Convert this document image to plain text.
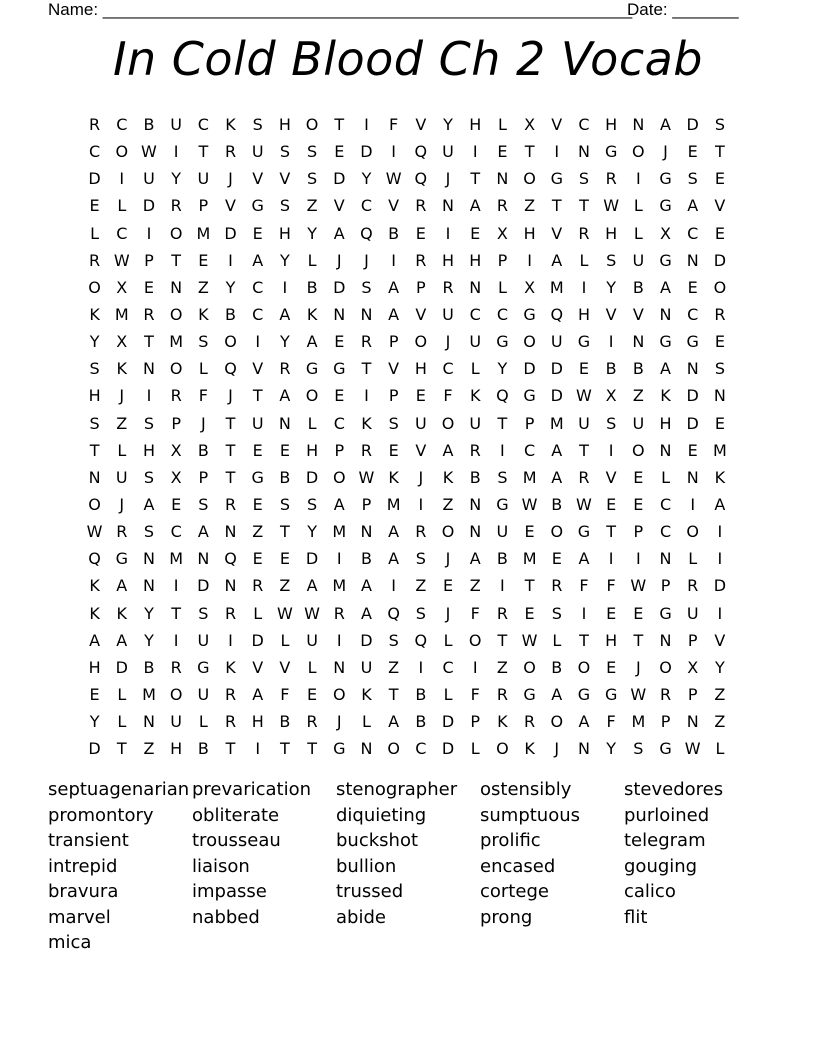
Name: ________________________________________________________
Date: _______
In Cold Blood Ch 2 Vocab
R	C	B U C	K	S	H O	T	I	F	V	Y	H	L	X	V	C H N A D S
C O W	I	T	R U	S	S	E D	I	Q U	I	E	T	I	N G O	J	E	T
D	I	U	Y	U	J	V	V	S D	Y W Q	J	T	N O G S	R	I	G S	E
E	L	D R	P	V G S	Z	V	C	V	R N A	R	Z	T	T W L	G A	V
L	C	I	O M D E	H	Y	A Q B	E	I	E	X H V	R H	L	X	C	E
R W P	T	E	I	A	Y	L	J	J	I	R H H	P	I	A	L	S	U G N D
O X	E	N Z	Y	C	I	B D S	A	P	R N	L	X M	I	Y	B	A	E O
K M R O K	B	C	A	K N N A	V U C	C G Q H V	V N C	R
Y	X	T M S O	I	Y	A	E	R	P	O	J	U G O U G	I	N G G E
S	K N O	L	Q V	R G G	T	V H C	L	Y	D D E	B	B	A N	S
H	J	I	R	F	J	T	A O E	I	P	E	F	K Q G D W X	Z	K D N
S	Z	S	P	J	T	U N	L	C	K	S	U O U	T	P M U	S	U H D E
T	L	H X	B	T	E	E	H	P	R	E	V	A	R	I	C	A	T	I	O N	E M
N U	S	X	P	T	G B D O W K	J	K	B	S M A	R	V	E	L	N K
O	J	A	E	S	R	E	S	S	A	P M	I	Z N G W B W E	E	C	I	A
W R	S	C	A N Z	T	Y M N A	R O N U	E O G	T	P	C O	I
Q G N M N Q E	E D	I	B	A	S	J	A	B M E	A	I	I	N	L	I
K	A N	I	D N R	Z	A M A	I	Z	E	Z	I	T	R	F	F W P	R D
K	K	Y	T	S	R	L W W R	A Q S	J	F	R	E	S	I	E	E G U	I
A	A	Y	I	U	I	D	L	U	I	D S Q	L	O	T W L	T	H	T	N	P	V
H D B	R G K	V	V	L	N U Z	I	C	I	Z O B O E	J	O X	Y
E	L M O U R	A	F	E O K	T	B	L	F	R G A G G W R	P	Z
Y	L	N U	L	R H B	R	J	L	A	B D	P	K	R O A	F M P	N Z
D	T	Z H B	T	I	T	T	G N O C D	L	O K	J	N	Y	S G W L
septuagenarian prevarication	stenographer	ostensibly	stevedores
promontory	obliterate	diquieting	sumptuous	purloined
transient	trousseau	buckshot	prolific	telegram
intrepid	liaison	bullion	encased	gouging
bravura	impasse	trussed	cortege	calico
marvel	nabbed	abide	prong	flit
mica
